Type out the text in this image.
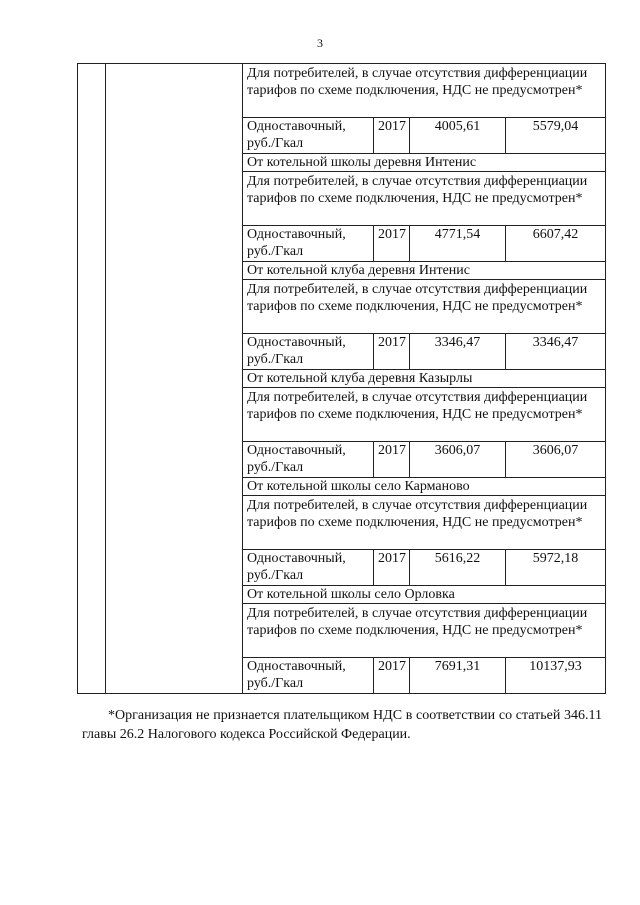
3
		Для потребителей, в случае отсутствия дифференциации тарифов по схеме подключения, НДС не предусмотрен*			
		Одноставочный,
руб./Гкал	2017	4005,61	5579,04
		От котельной школы деревня Интенис			
		Для потребителей, в случае отсутствия дифференциации тарифов по схеме подключения, НДС не предусмотрен*			
		Одноставочный,
руб./Гкал	2017	4771,54	6607,42
		От котельной клуба деревня Интенис			
		Для потребителей, в случае отсутствия дифференциации тарифов по схеме подключения, НДС не предусмотрен*			
		Одноставочный,
руб./Гкал	2017	3346,47	3346,47
		От котельной клуба деревня Казырлы			
		Для потребителей, в случае отсутствия дифференциации тарифов по схеме подключения, НДС не предусмотрен*			
		Одноставочный,
руб./Гкал	2017	3606,07	3606,07
		От котельной школы село Карманово			
		Для потребителей, в случае отсутствия дифференциации тарифов по схеме подключения, НДС не предусмотрен*			
		Одноставочный,
руб./Гкал	2017	5616,22	5972,18
		От котельной школы село Орловка			
		Для потребителей, в случае отсутствия дифференциации тарифов по схеме подключения, НДС не предусмотрен*			
		Одноставочный,
руб./Гкал	2017	7691,31	10137,93
*Организация не признается плательщиком НДС в соответствии со статьей 346.11 главы 26.2 Налогового кодекса Российской Федерации.
